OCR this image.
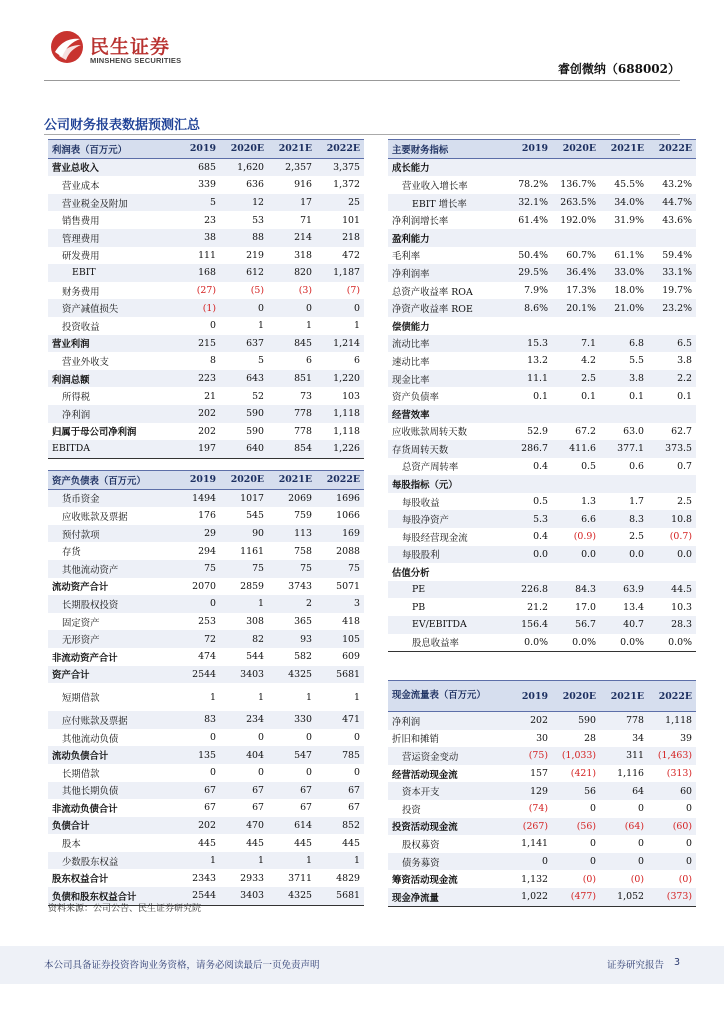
民生证券
MINSHENG SECURITIES
睿创微纳（688002）
公司财务报表数据预测汇总
利润表（百万元）	2019	2020E	2021E	2022E
营业总收入	685	1,620	2,357	3,375
营业成本	339	636	916	1,372
营业税金及附加	5	12	17	25
销售费用	23	53	71	101
管理费用	38	88	214	218
研发费用	111	219	318	472
EBIT	168	612	820	1,187
财务费用	(27)	(5)	(3)	(7)
资产减值损失	(1)	0	0	0
投资收益	0	1	1	1
营业利润	215	637	845	1,214
营业外收支	8	5	6	6
利润总额	223	643	851	1,220
所得税	21	52	73	103
净利润	202	590	778	1,118
归属于母公司净利润	202	590	778	1,118
EBITDA	197	640	854	1,226
主要财务指标	2019	2020E	2021E	2022E
成长能力				
营业收入增长率	78.2%	136.7%	45.5%	43.2%
EBIT 增长率	32.1%	263.5%	34.0%	44.7%
净利润增长率	61.4%	192.0%	31.9%	43.6%
盈利能力				
毛利率	50.4%	60.7%	61.1%	59.4%
净利润率	29.5%	36.4%	33.0%	33.1%
总资产收益率 ROA	7.9%	17.3%	18.0%	19.7%
净资产收益率 ROE	8.6%	20.1%	21.0%	23.2%
偿债能力				
流动比率	15.3	7.1	6.8	6.5
速动比率	13.2	4.2	5.5	3.8
现金比率	11.1	2.5	3.8	2.2
资产负债率	0.1	0.1	0.1	0.1
经营效率				
应收账款周转天数	52.9	67.2	63.0	62.7
存货周转天数	286.7	411.6	377.1	373.5
总资产周转率	0.4	0.5	0.6	0.7
每股指标（元）				
每股收益	0.5	1.3	1.7	2.5
每股净资产	5.3	6.6	8.3	10.8
每股经营现金流	0.4	(0.9)	2.5	(0.7)
每股股利	0.0	0.0	0.0	0.0
估值分析				
PE	226.8	84.3	63.9	44.5
PB	21.2	17.0	13.4	10.3
EV/EBITDA	156.4	56.7	40.7	28.3
股息收益率	0.0%	0.0%	0.0%	0.0%
资产负债表（百万元）	2019	2020E	2021E	2022E
货币资金	1494	1017	2069	1696
应收账款及票据	176	545	759	1066
预付款项	29	90	113	169
存货	294	1161	758	2088
其他流动资产	75	75	75	75
流动资产合计	2070	2859	3743	5071
长期股权投资	0	1	2	3
固定资产	253	308	365	418
无形资产	72	82	93	105
非流动资产合计	474	544	582	609
资产合计	2544	3403	4325	5681
短期借款	1	1	1	1
应付账款及票据	83	234	330	471
其他流动负债	0	0	0	0
流动负债合计	135	404	547	785
长期借款	0	0	0	0
其他长期负债	67	67	67	67
非流动负债合计	67	67	67	67
负债合计	202	470	614	852
股本	445	445	445	445
少数股东权益	1	1	1	1
股东权益合计	2343	2933	3711	4829
负债和股东权益合计	2544	3403	4325	5681
现金流量表（百万元）	2019	2020E	2021E	2022E
净利润	202	590	778	1,118
折旧和摊销	30	28	34	39
营运资金变动	(75)	(1,033)	311	(1,463)
经营活动现金流	157	(421)	1,116	(313)
资本开支	129	56	64	60
投资	(74)	0	0	0
投资活动现金流	(267)	(56)	(64)	(60)
股权募资	1,141	0	0	0
债务募资	0	0	0	0
筹资活动现金流	1,132	(0)	(0)	(0)
现金净流量	1,022	(477)	1,052	(373)
资料来源：公司公告、民生证券研究院
本公司具备证券投资咨询业务资格，请务必阅读最后一页免责声明	证券研究报告 3
